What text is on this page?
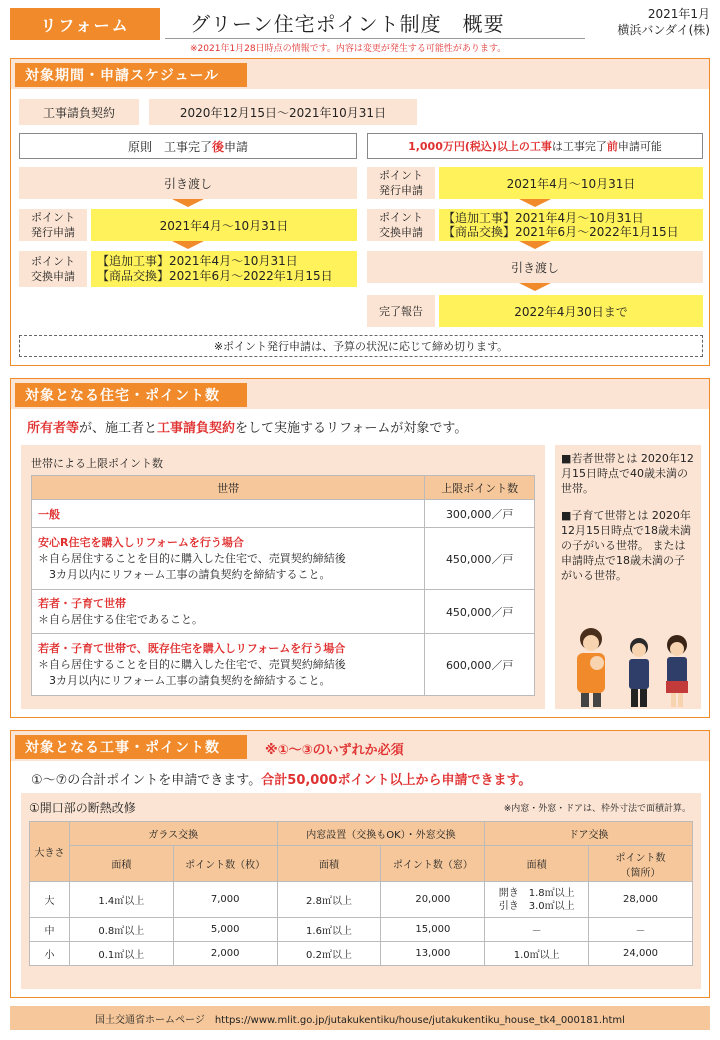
リフォーム	グリーン住宅ポイント制度　概要	2021年1月
横浜バンダイ(株)
※2021年1月28日時点の情報です。内容は変更が発生する可能性があります。
対象期間・申請スケジュール
工事請負契約	2020年12月15日～2021年10月31日
原則　工事完了 後 申請
引き渡し
ポイント
発行申請	2021年4月～10月31日
ポイント
交換申請
【追加工事】2021年4月～10月31日
【商品交換】2021年6月～2022年1月15日
1,000万円(税込)以上の工事 は工事完了 前 申請可能
ポイント
発行申請	2021年4月～10月31日
ポイント
交換申請
【追加工事】2021年4月～10月31日
【商品交換】2021年6月～2022年1月15日
引き渡し
完了報告	2022年4月30日まで
※ポイント発行申請は、予算の状況に応じて締め切ります。
対象となる住宅・ポイント数
所有者等が、施工者と工事請負契約をして実施するリフォームが対象です。
世帯による上限ポイント数
世帯	上限ポイント数

一般	300,000／戸

安心R住宅を購入しリフォームを行う場合
＊自ら居住することを目的に購入した住宅で、売買契約締結後
　3カ月以内にリフォーム工事の請負契約を締結すること。	450,000／戸

若者・子育て世帯
＊自ら居住する住宅であること。	450,000／戸

若者・子育て世帯で、既存住宅を購入しリフォームを行う場合
＊自ら居住することを目的に購入した住宅で、売買契約締結後
　3カ月以内にリフォーム工事の請負契約を締結すること。	600,000／戸
■若者世帯とは 2020年12月15日時点で40歳未満の世帯。
■子育て世帯とは 2020年12月15日時点で18歳未満の子がいる世帯。 または申請時点で18歳未満の子がいる世帯。
対象となる工事・ポイント数	※①～③のいずれか必須
①～⑦の合計ポイントを申請できます。合計50,000ポイント以上から申請できます。
①開口部の断熱改修	※内窓・外窓・ドアは、枠外寸法で面積計算。
大きさ	ガラス交換		内窓設置（交換もOK）・外窓交換		ドア交換	
	面積	ポイント数（枚）	面積	ポイント数（窓）	面積	ポイント数
（箇所）

大	1.4㎡以上	7,000	2.8㎡以上	20,000	開き　1.8㎡以上
引き　3.0㎡以上	28,000
中	0.8㎡以上	5,000	1.6㎡以上	15,000	－	－
小	0.1㎡以上	2,000	0.2㎡以上	13,000	1.0㎡以上	24,000
国土交通省ホームページ　https://www.mlit.go.jp/jutakukentiku/house/jutakukentiku_house_tk4_000181.html
